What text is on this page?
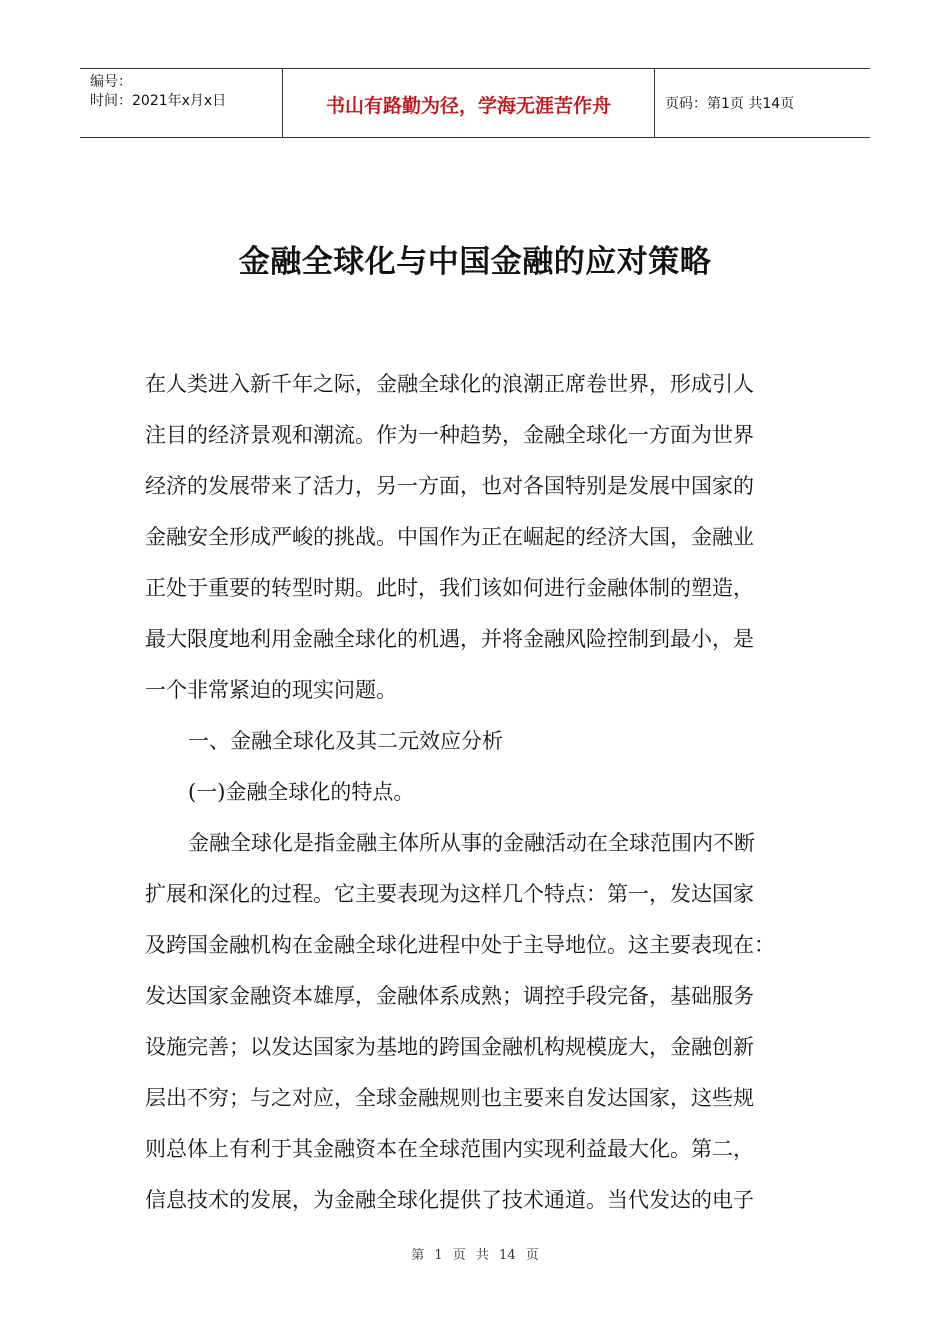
编号：
时间：2021年x月x日	书山有路勤为径，学海无涯苦作舟	页码：第1页 共14页
金融全球化与中国金融的应对策略
在人类进入新千年之际，金融全球化的浪潮正席卷世界，形成引人
注目的经济景观和潮流。作为一种趋势，金融全球化一方面为世界
经济的发展带来了活力，另一方面，也对各国特别是发展中国家的
金融安全形成严峻的挑战。中国作为正在崛起的经济大国，金融业
正处于重要的转型时期。此时，我们该如何进行金融体制的塑造，
最大限度地利用金融全球化的机遇，并将金融风险控制到最小，是
一个非常紧迫的现实问题。
一、金融全球化及其二元效应分析
(一)金融全球化的特点。
金融全球化是指金融主体所从事的金融活动在全球范围内不断
扩展和深化的过程。它主要表现为这样几个特点：第一，发达国家
及跨国金融机构在金融全球化进程中处于主导地位。这主要表现在：
发达国家金融资本雄厚，金融体系成熟；调控手段完备，基础服务
设施完善；以发达国家为基地的跨国金融机构规模庞大，金融创新
层出不穷；与之对应，全球金融规则也主要来自发达国家，这些规
则总体上有利于其金融资本在全球范围内实现利益最大化。第二，
信息技术的发展，为金融全球化提供了技术通道。当代发达的电子
第 1 页 共 14 页
